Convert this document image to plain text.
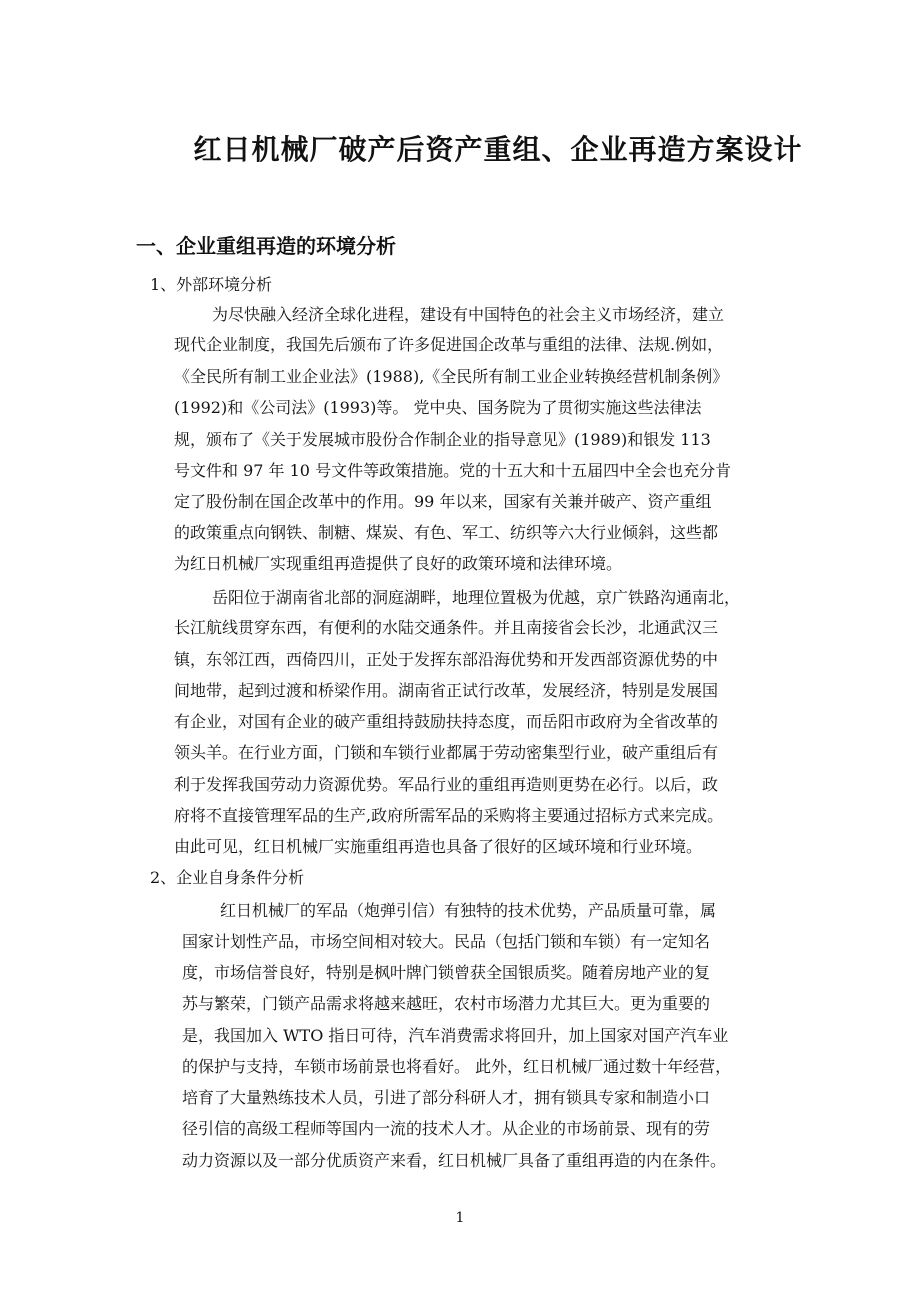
红日机械厂破产后资产重组、企业再造方案设计
一、企业重组再造的环境分析
1、外部环境分析
为尽快融入经济全球化进程，建设有中国特色的社会主义市场经济，建立
现代企业制度，我国先后颁布了许多促进国企改革与重组的法律、法规.例如，
《全民所有制工业企业法》(1988),《全民所有制工业企业转换经营机制条例》
(1992)和《公司法》(1993)等。 党中央、国务院为了贯彻实施这些法律法
规，颁布了《关于发展城市股份合作制企业的指导意见》(1989)和银发 113
号文件和 97 年 10 号文件等政策措施。党的十五大和十五届四中全会也充分肯
定了股份制在国企改革中的作用。99 年以来，国家有关兼并破产、资产重组
的政策重点向钢铁、制糖、煤炭、有色、军工、纺织等六大行业倾斜，这些都
为红日机械厂实现重组再造提供了良好的政策环境和法律环境。
岳阳位于湖南省北部的洞庭湖畔，地理位置极为优越，京广铁路沟通南北，
长江航线贯穿东西，有便利的水陆交通条件。并且南接省会长沙，北通武汉三
镇，东邻江西，西倚四川，正处于发挥东部沿海优势和开发西部资源优势的中
间地带，起到过渡和桥梁作用。湖南省正试行改革，发展经济，特别是发展国
有企业，对国有企业的破产重组持鼓励扶持态度，而岳阳市政府为全省改革的
领头羊。在行业方面，门锁和车锁行业都属于劳动密集型行业，破产重组后有
利于发挥我国劳动力资源优势。军品行业的重组再造则更势在必行。以后，政
府将不直接管理军品的生产,政府所需军品的采购将主要通过招标方式来完成。
由此可见，红日机械厂实施重组再造也具备了很好的区域环境和行业环境。
2、企业自身条件分析
红日机械厂的军品（炮弹引信）有独特的技术优势，产品质量可靠，属
国家计划性产品，市场空间相对较大。民品（包括门锁和车锁）有一定知名
度，市场信誉良好，特别是枫叶牌门锁曾获全国银质奖。随着房地产业的复
苏与繁荣，门锁产品需求将越来越旺，农村市场潜力尤其巨大。更为重要的
是，我国加入 WTO 指日可待，汽车消费需求将回升，加上国家对国产汽车业
的保护与支持，车锁市场前景也将看好。 此外，红日机械厂通过数十年经营，
培育了大量熟练技术人员，引进了部分科研人才，拥有锁具专家和制造小口
径引信的高级工程师等国内一流的技术人才。从企业的市场前景、现有的劳
动力资源以及一部分优质资产来看，红日机械厂具备了重组再造的内在条件。
1
